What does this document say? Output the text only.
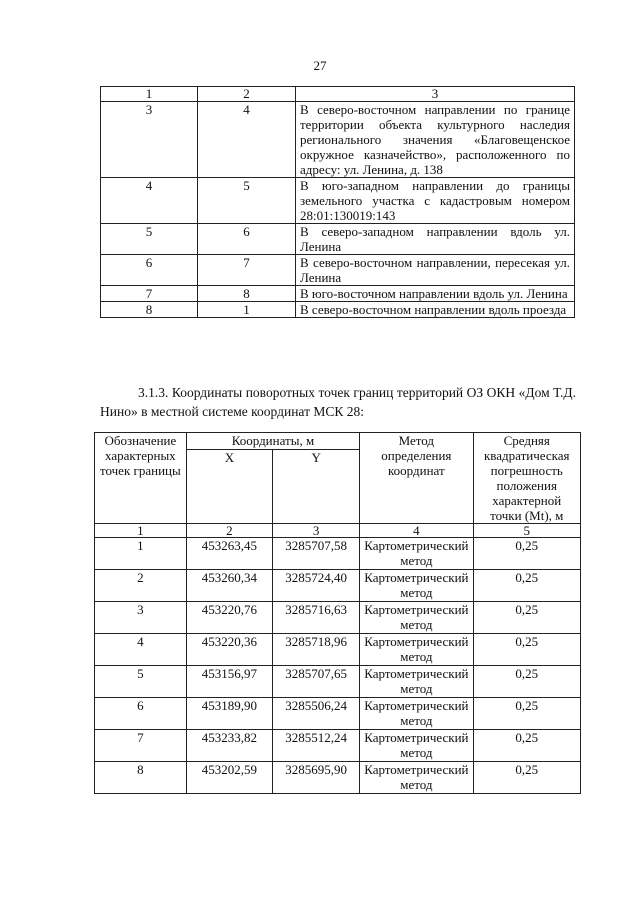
27
1	2	3
3	4	В северо-восточном направлении по границе территории объекта культурного наследия регионального значения «Благовещенское окружное казначейство», расположенного по адресу: ул. Ленина, д. 138
4	5	В юго-западном направлении до границы земельного участка с кадастровым номером 28:01:130019:143
5	6	В северо-западном направлении вдоль ул. Ленина
6	7	В северо-восточном направлении, пересекая ул. Ленина
7	8	В юго-восточном направлении вдоль ул. Ленина
8	1	В северо-восточном направлении вдоль проезда
3.1.3. Координаты поворотных точек границ территорий ОЗ ОКН «Дом Т.Д. Нино» в местной системе координат МСК 28:
Обозначение характерных точек границы	Координаты, м		Метод определения координат	Средняя квадратическая погрешность положения характерной точки (Mt), м
	X	Y		
1	2	3	4	5
1	453263,45	3285707,58	Картометрический метод	0,25
2	453260,34	3285724,40	Картометрический метод	0,25
3	453220,76	3285716,63	Картометрический метод	0,25
4	453220,36	3285718,96	Картометрический метод	0,25
5	453156,97	3285707,65	Картометрический метод	0,25
6	453189,90	3285506,24	Картометрический метод	0,25
7	453233,82	3285512,24	Картометрический метод	0,25
8	453202,59	3285695,90	Картометрический метод	0,25
